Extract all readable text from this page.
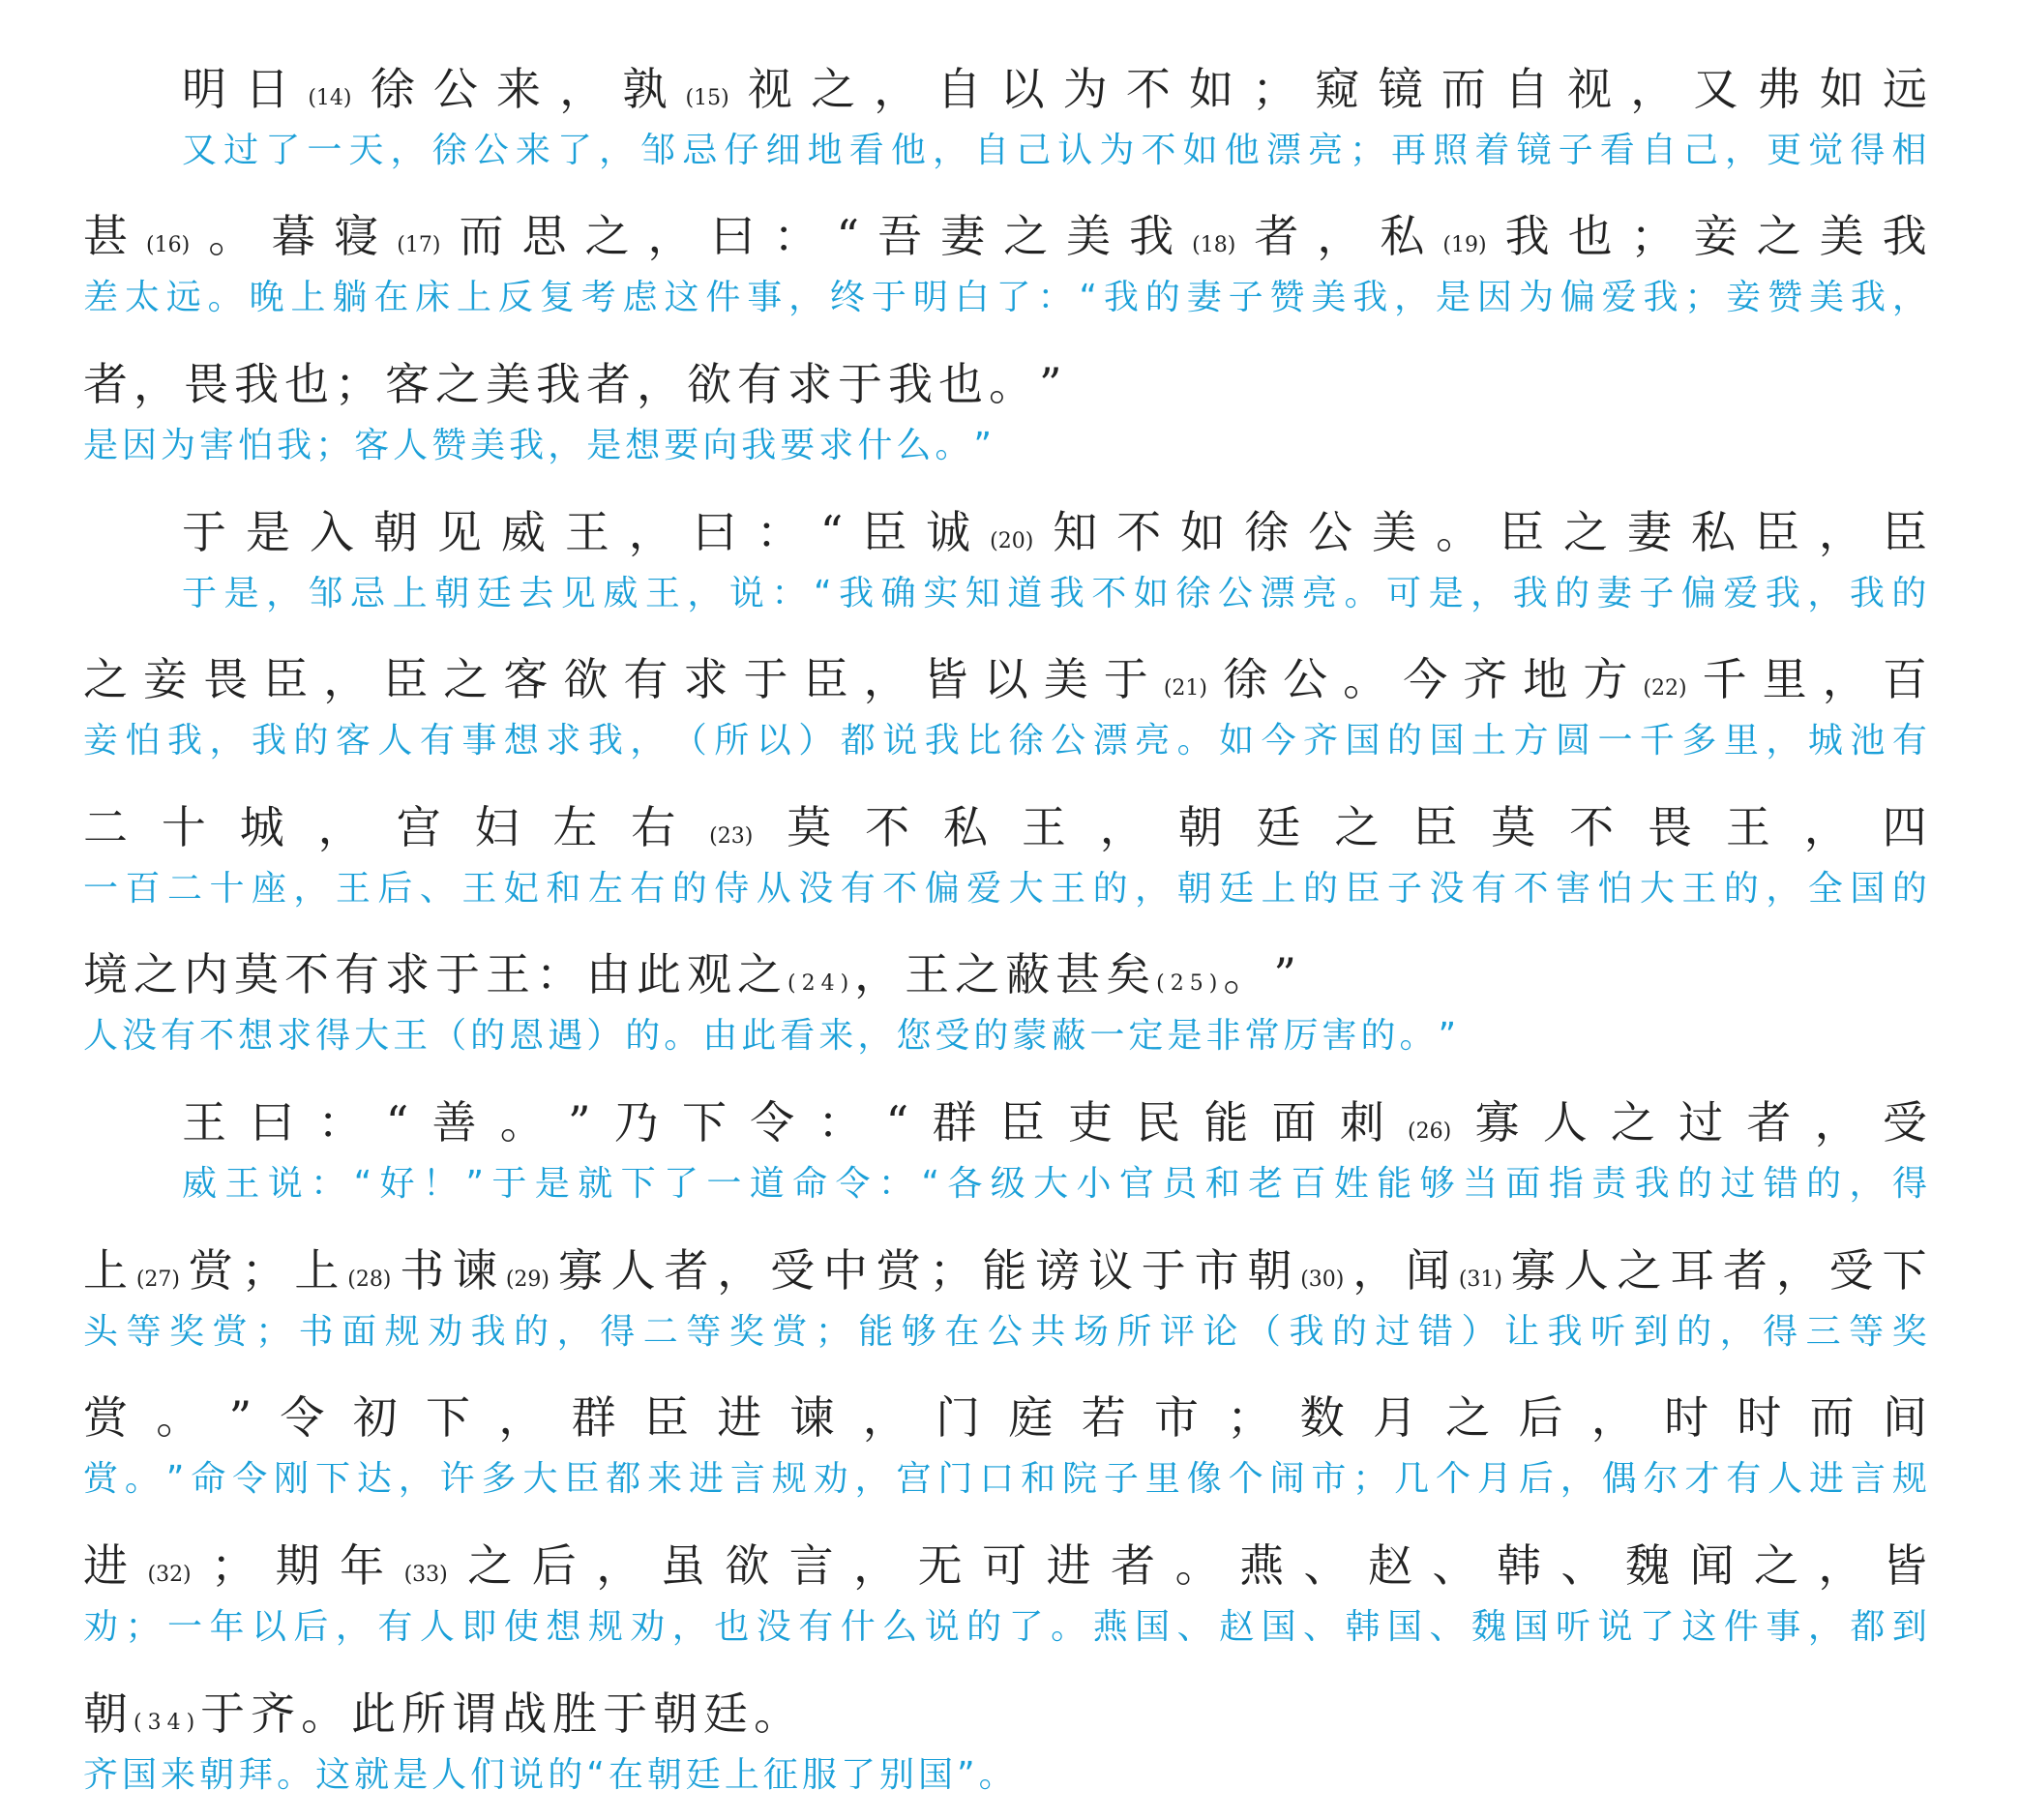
明 日 (14) 徐 公 来 ， 孰 (15) 视 之 ， 自 以 为 不 如 ； 窥 镜 而 自 视 ， 又 弗 如 远
又 过 了 一 天 ， 徐 公 来 了 ， 邹 忌 仔 细 地 看 他 ， 自 己 认 为 不 如 他 漂 亮 ； 再 照 着 镜 子 看 自 己 ， 更 觉 得 相
甚 (16) 。 暮 寝 (17) 而 思 之 ， 曰 ： “ 吾 妻 之 美 我 (18) 者 ， 私 (19) 我 也 ； 妾 之 美 我
差 太 远 。 晚 上 躺 在 床 上 反 复 考 虑 这 件 事 ， 终 于 明 白 了 ： “ 我 的 妻 子 赞 美 我 ， 是 因 为 偏 爱 我 ； 妾 赞 美 我 ，
者 ， 畏 我 也 ； 客 之 美 我 者 ， 欲 有 求 于 我 也 。 ”
是 因 为 害 怕 我 ； 客 人 赞 美 我 ， 是 想 要 向 我 要 求 什 么 。 ”
于 是 入 朝 见 威 王 ， 曰 ： “ 臣 诚 (20) 知 不 如 徐 公 美 。 臣 之 妻 私 臣 ， 臣
于 是 ， 邹 忌 上 朝 廷 去 见 威 王 ， 说 ： “ 我 确 实 知 道 我 不 如 徐 公 漂 亮 。 可 是 ， 我 的 妻 子 偏 爱 我 ， 我 的
之 妾 畏 臣 ， 臣 之 客 欲 有 求 于 臣 ， 皆 以 美 于 (21) 徐 公 。 今 齐 地 方 (22) 千 里 ， 百
妾 怕 我 ， 我 的 客 人 有 事 想 求 我 ， （ 所 以 ） 都 说 我 比 徐 公 漂 亮 。 如 今 齐 国 的 国 土 方 圆 一 千 多 里 ， 城 池 有
二 十 城 ， 宫 妇 左 右 (23) 莫 不 私 王 ， 朝 廷 之 臣 莫 不 畏 王 ， 四
一 百 二 十 座 ， 王 后 、 王 妃 和 左 右 的 侍 从 没 有 不 偏 爱 大 王 的 ， 朝 廷 上 的 臣 子 没 有 不 害 怕 大 王 的 ， 全 国 的
境 之 内 莫 不 有 求 于 王 ： 由 此 观 之 (24) ， 王 之 蔽 甚 矣 (25) 。 ”
人 没 有 不 想 求 得 大 王 （ 的 恩 遇 ） 的 。 由 此 看 来 ， 您 受 的 蒙 蔽 一 定 是 非 常 厉 害 的 。 ”
王 曰 ： “ 善 。 ” 乃 下 令 ： “ 群 臣 吏 民 能 面 刺 (26) 寡 人 之 过 者 ， 受
威 王 说 ： “ 好 ！ ” 于 是 就 下 了 一 道 命 令 ： “ 各 级 大 小 官 员 和 老 百 姓 能 够 当 面 指 责 我 的 过 错 的 ， 得
上 (27) 赏 ； 上 (28) 书 谏 (29) 寡 人 者 ， 受 中 赏 ； 能 谤 议 于 市 朝 (30) ， 闻 (31) 寡 人 之 耳 者 ， 受 下
头 等 奖 赏 ； 书 面 规 劝 我 的 ， 得 二 等 奖 赏 ； 能 够 在 公 共 场 所 评 论 （ 我 的 过 错 ） 让 我 听 到 的 ， 得 三 等 奖
赏 。 ” 令 初 下 ， 群 臣 进 谏 ， 门 庭 若 市 ； 数 月 之 后 ， 时 时 而 间
赏 。 ” 命 令 刚 下 达 ， 许 多 大 臣 都 来 进 言 规 劝 ， 宫 门 口 和 院 子 里 像 个 闹 市 ； 几 个 月 后 ， 偶 尔 才 有 人 进 言 规
进 (32) ； 期 年 (33) 之 后 ， 虽 欲 言 ， 无 可 进 者 。 燕 、 赵 、 韩 、 魏 闻 之 ， 皆
劝 ； 一 年 以 后 ， 有 人 即 使 想 规 劝 ， 也 没 有 什 么 说 的 了 。 燕 国 、 赵 国 、 韩 国 、 魏 国 听 说 了 这 件 事 ， 都 到
朝 (34) 于 齐 。 此 所 谓 战 胜 于 朝 廷 。
齐 国 来 朝 拜 。 这 就 是 人 们 说 的 “ 在 朝 廷 上 征 服 了 别 国 ” 。
